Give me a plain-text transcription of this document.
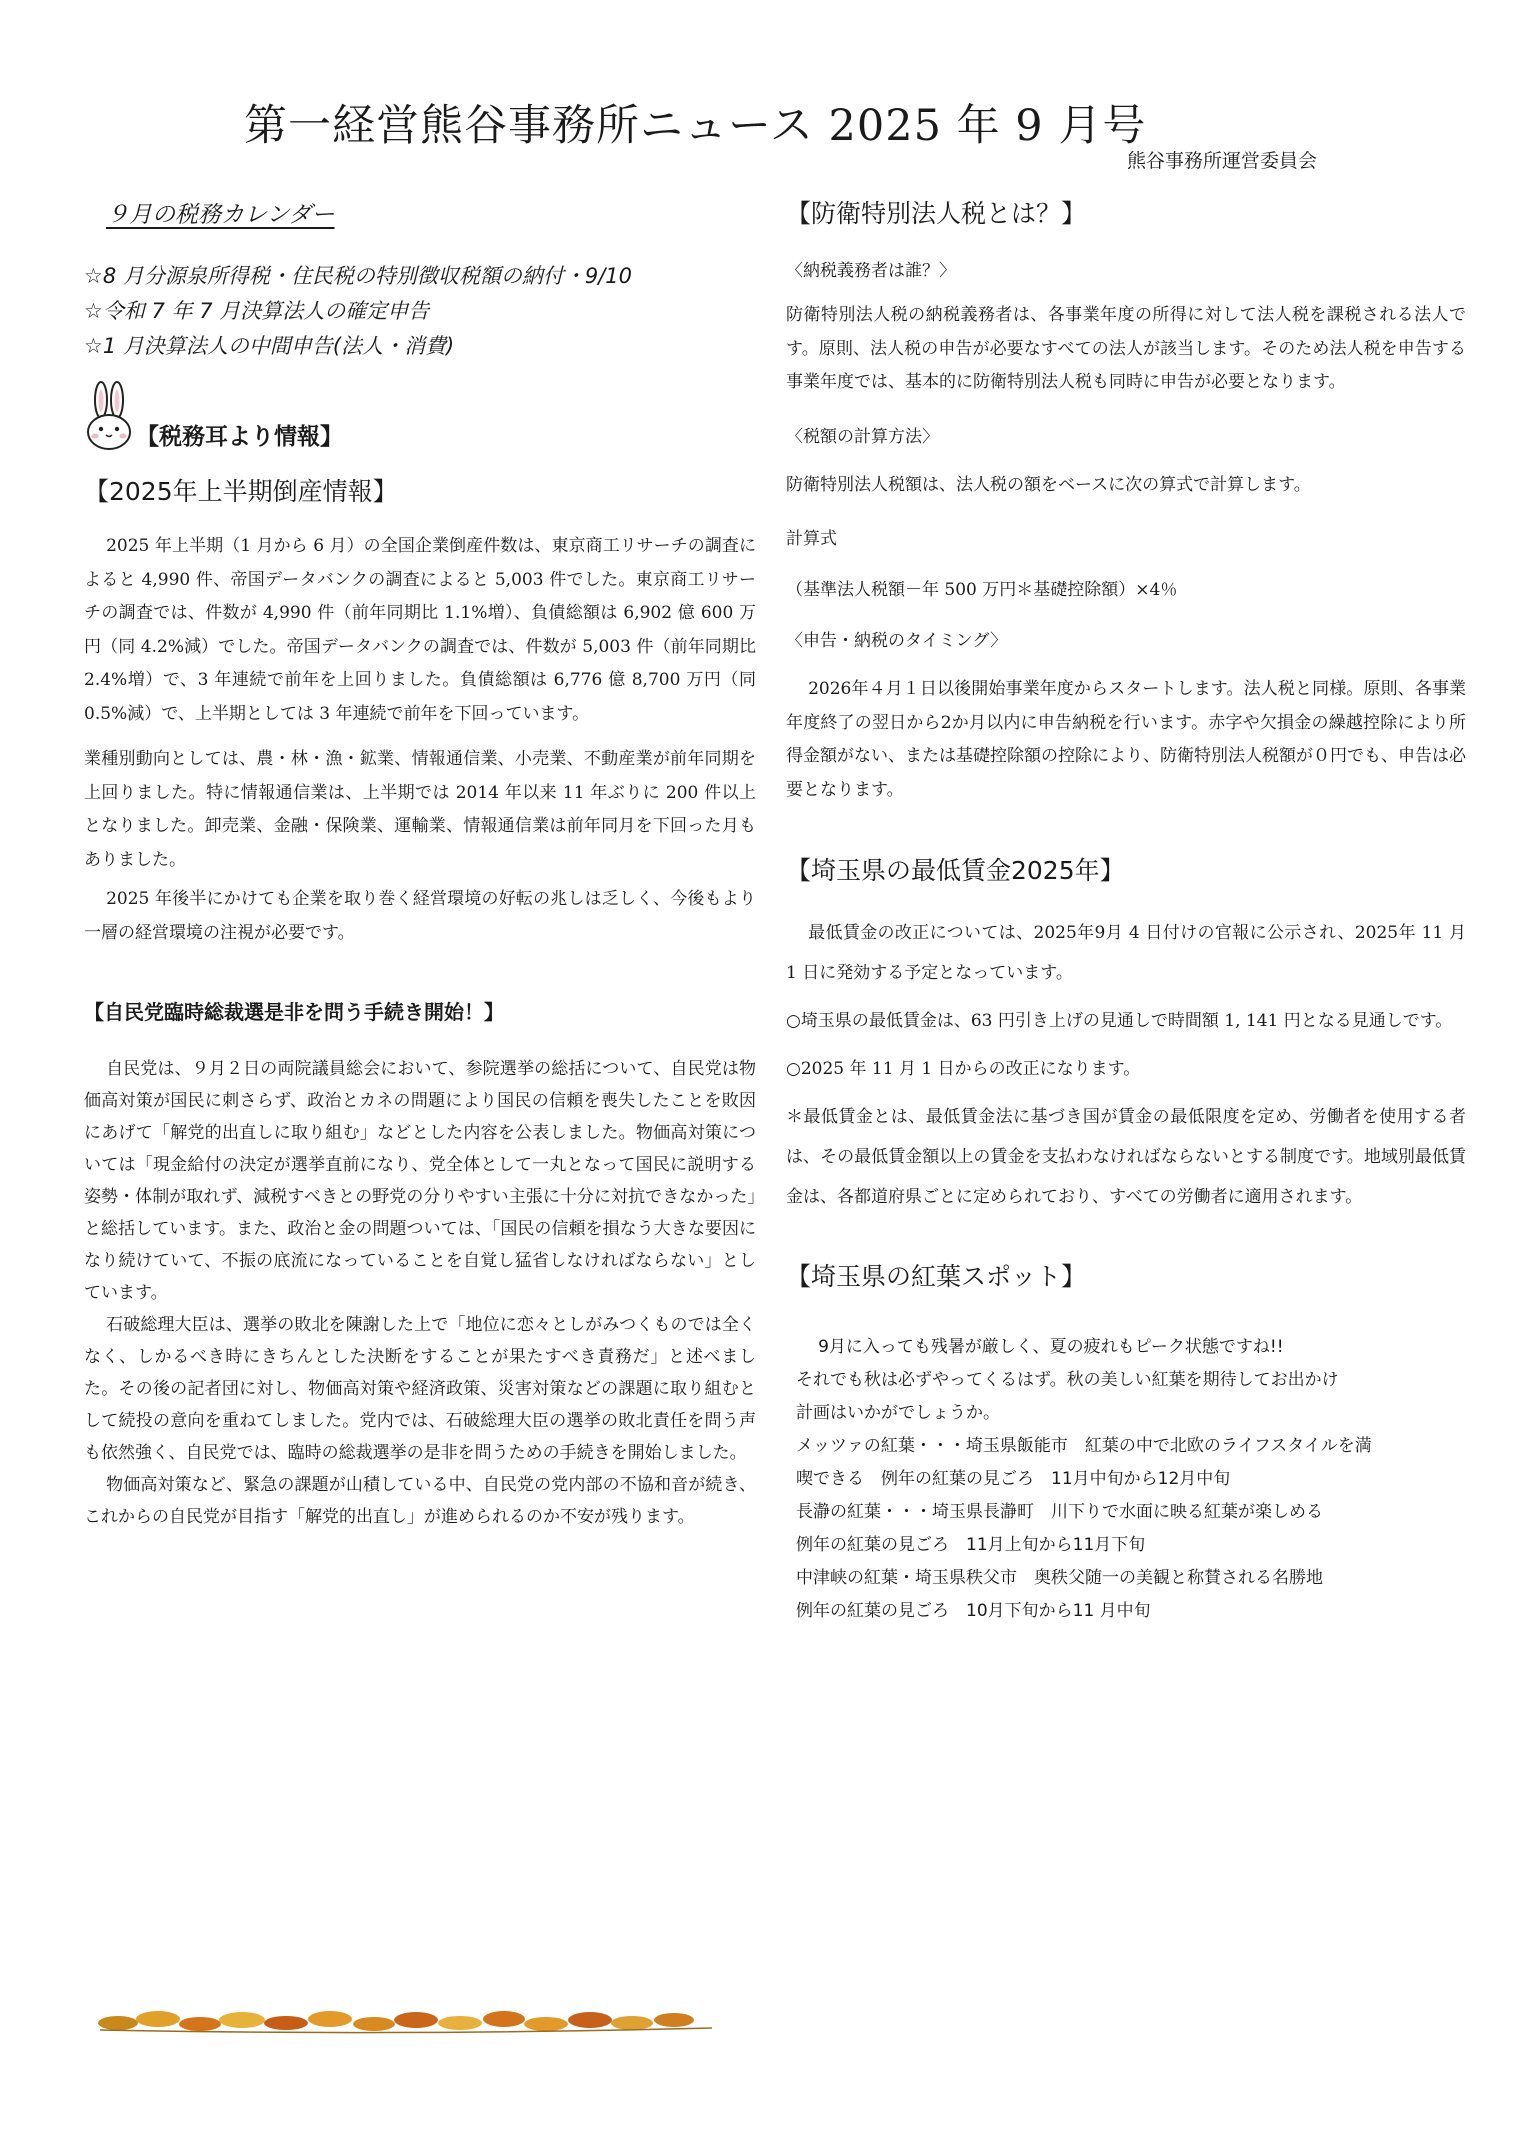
第一経営熊谷事務所ニュース 2025 年 9 月号
熊谷事務所運営委員会
９月の税務カレンダー
☆8 月分源泉所得税・住民税の特別徴収税額の納付・9/10
☆令和 7 年 7 月決算法人の確定申告
☆1 月決算法人の中間申告(法人・消費)
【税務耳より情報】
【2025年上半期倒産情報】

2025 年上半期（1 月から 6 月）の全国企業倒産件数は、東京商工リサーチの調査によると 4,990 件、帝国データバンクの調査によると 5,003 件でした。東京商工リサーチの調査では、件数が 4,990 件（前年同期比 1.1%増）、負債総額は 6,902 億 600 万円（同 4.2%減）でした。帝国データバンクの調査では、件数が 5,003 件（前年同期比 2.4%増）で、3 年連続で前年を上回りました。負債総額は 6,776 億 8,700 万円（同 0.5%減）で、上半期としては 3 年連続で前年を下回っています。

業種別動向としては、農・林・漁・鉱業、情報通信業、小売業、不動産業が前年同期を上回りました。特に情報通信業は、上半期では 2014 年以来 11 年ぶりに 200 件以上となりました。卸売業、金融・保険業、運輸業、情報通信業は前年同月を下回った月もありました。

2025 年後半にかけても企業を取り巻く経営環境の好転の兆しは乏しく、今後もより一層の経営環境の注視が必要です。

【自民党臨時総裁選是非を問う手続き開始！】

自民党は、９月２日の両院議員総会において、参院選挙の総括について、自民党は物価高対策が国民に刺さらず、政治とカネの問題により国民の信頼を喪失したことを敗因にあげて「解党的出直しに取り組む」などとした内容を公表しました。物価高対策については「現金給付の決定が選挙直前になり、党全体として一丸となって国民に説明する姿勢・体制が取れず、減税すべきとの野党の分りやすい主張に十分に対抗できなかった」と総括しています。また、政治と金の問題ついては、｢国民の信頼を損なう大きな要因になり続けていて、不振の底流になっていることを自覚し猛省しなければならない」としています。

石破総理大臣は、選挙の敗北を陳謝した上で「地位に恋々としがみつくものでは全くなく、しかるべき時にきちんとした決断をすることが果たすべき責務だ」と述べました。その後の記者団に対し、物価高対策や経済政策、災害対策などの課題に取り組むとして続投の意向を重ねてしました。党内では、石破総理大臣の選挙の敗北責任を問う声も依然強く、自民党では、臨時の総裁選挙の是非を問うための手続きを開始しました。

物価高対策など、緊急の課題が山積している中、自民党の党内部の不協和音が続き、これからの自民党が目指す「解党的出直し」が進められるのか不安が残ります。

【防衛特別法人税とは？】

〈納税義務者は誰？〉

防衛特別法人税の納税義務者は、各事業年度の所得に対して法人税を課税される法人です。原則、法人税の申告が必要なすべての法人が該当します。そのため法人税を申告する事業年度では、基本的に防衛特別法人税も同時に申告が必要となります。

〈税額の計算方法〉

防衛特別法人税額は、法人税の額をベースに次の算式で計算します。

計算式

（基準法人税額－年 500 万円＊基礎控除額）×4％

〈申告・納税のタイミング〉

2026年４月１日以後開始事業年度からスタートします。法人税と同様。原則、各事業年度終了の翌日から2か月以内に申告納税を行います。赤字や欠損金の繰越控除により所得金額がない、または基礎控除額の控除により、防衛特別法人税額が０円でも、申告は必要となります。

【埼玉県の最低賃金2025年】

最低賃金の改正については、2025年9月 4 日付けの官報に公示され、2025年 11 月 1 日に発効する予定となっています。

○埼玉県の最低賃金は、63 円引き上げの見通しで時間額 1, 141 円となる見通しです。

○2025 年 11 月 1 日からの改正になります。

＊最低賃金とは、最低賃金法に基づき国が賃金の最低限度を定め、労働者を使用する者は、その最低賃金額以上の賃金を支払わなければならないとする制度です。地域別最低賃金は、各都道府県ごとに定められており、すべての労働者に適用されます。

【埼玉県の紅葉スポット】

9月に入っても残暑が厳しく、夏の疲れもピーク状態ですね!!

それでも秋は必ずやってくるはず。秋の美しい紅葉を期待してお出かけ

計画はいかがでしょうか。

メッツァの紅葉・・・埼玉県飯能市　紅葉の中で北欧のライフスタイルを満

喫できる　例年の紅葉の見ごろ　11月中旬から12月中旬

長瀞の紅葉・・・埼玉県長瀞町　川下りで水面に映る紅葉が楽しめる

例年の紅葉の見ごろ　11月上旬から11月下旬

中津峡の紅葉・埼玉県秩父市　奥秩父随一の美観と称賛される名勝地

例年の紅葉の見ごろ　10月下旬から11 月中旬
